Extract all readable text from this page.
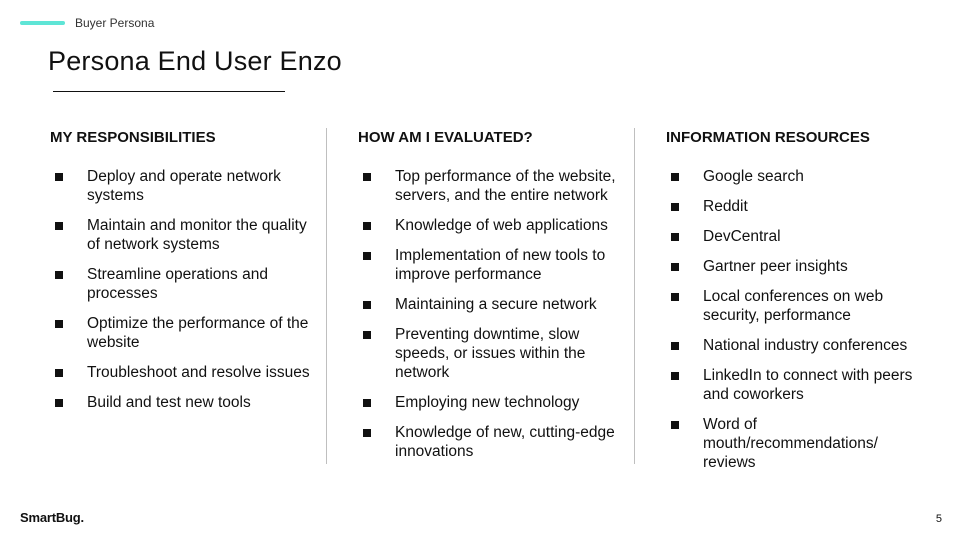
Buyer Persona
Persona End User Enzo
MY RESPONSIBILITIES
Deploy and operate network systems
Maintain and monitor the quality of network systems
Streamline operations and processes
Optimize the performance of the website
Troubleshoot and resolve issues
Build and test new tools
HOW AM I EVALUATED?
Top performance of the website, servers, and the entire network
Knowledge of web applications
Implementation of new tools to improve performance
Maintaining a secure network
Preventing downtime, slow speeds, or issues within the network
Employing new technology
Knowledge of new, cutting-edge innovations
INFORMATION RESOURCES
Google search
Reddit
DevCentral
Gartner peer insights
Local conferences on web security, performance
National industry conferences
LinkedIn to connect with peers and coworkers
Word of mouth/recommendations/ reviews
SmartBug.	5
